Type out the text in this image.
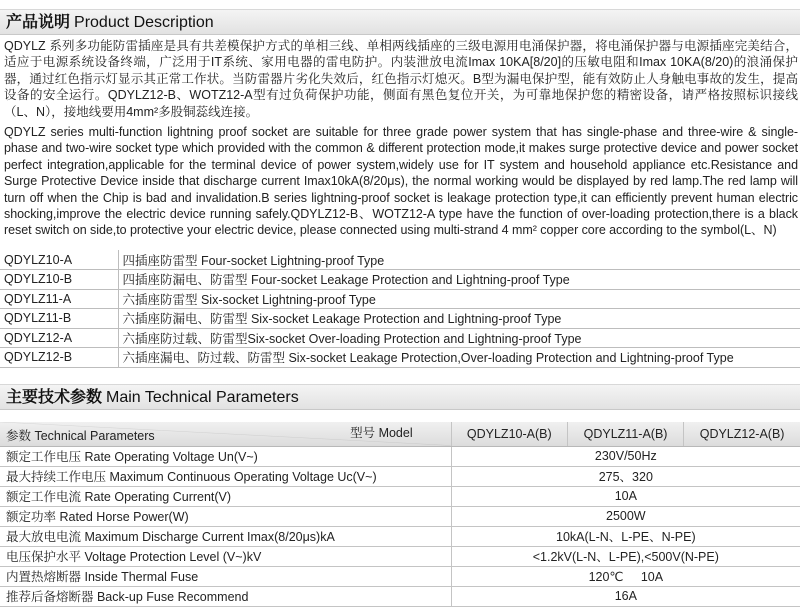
产品说明 Product Description
QDYLZ 系列多功能防雷插座是具有共差模保护方式的单相三线、单相两线插座的三级电源用电涌保护器，将电涌保护器与电源插座完美结合，适应于电源系统设备终端，广泛用于IT系统、家用电器的雷电防护。内装泄放电流Imax 10KA[8/20]的压敏电阻和Imax 10KA(8/20)的浪涌保护器，通过红色指示灯显示其正常工作状。当防雷器片劣化失效后，红色指示灯熄灭。B型为漏电保护型，能有效防止人身触电事故的发生，提高设备的安全运行。QDYLZ12-B、WOTZ12-A型有过负荷保护功能，侧面有黑色复位开关，为可靠地保护您的精密设备，请严格按照标识接线（L、N），接地线要用4mm²多股铜蕊线连接。
QDYLZ series multi-function lightning proof socket are suitable for three grade power system that has single-phase and three-wire & single-phase and two-wire socket type which provided with the common & different protection mode,it makes surge protective device and power socket perfect integration,applicable for the terminal device of power system,widely use for IT system and household appliance etc.Resistance and Surge Protective Device inside that discharge current Imax10kA(8/20μs), the normal working would be displayed by red lamp.The red lamp will turn off when the Chip is bad and invalidation.B series lightning-proof socket is leakage protection type,it can efficiently prevent human electric shocking,improve the electric device running safely.QDYLZ12-B、WOTZ12-A type have the function of over-loading protection,there is a black reset switch on side,to protective your electric device, please connected using multi-strand 4 mm² copper core according to the symbol(L、N)
QDYLZ10-A	四插座防雷型 Four-socket Lightning-proof Type
QDYLZ10-B	四插座防漏电、防雷型 Four-socket Leakage Protection and Lightning-proof Type
QDYLZ11-A	六插座防雷型 Six-socket Lightning-proof Type
QDYLZ11-B	六插座防漏电、防雷型 Six-socket Leakage Protection and Lightning-proof Type
QDYLZ12-A	六插座防过载、防雷型Six-socket Over-loading Protection and Lightning-proof Type
QDYLZ12-B	六插座漏电、防过载、防雷型 Six-socket Leakage Protection,Over-loading Protection and Lightning-proof Type
主要技术参数 Main Technical Parameters
参数 Technical Parameters 型号 Model	QDYLZ10-A(B)	QDYLZ11-A(B)	QDYLZ12-A(B)
额定工作电压 Rate Operating Voltage Un(V~)	230V/50Hz		
最大持续工作电压 Maximum Continuous Operating Voltage Uc(V~)	275、320		
额定工作电流 Rate Operating Current(V)	10A		
额定功率 Rated Horse Power(W)	2500W		
最大放电电流 Maximum Discharge Current Imax(8/20μs)kA	10kA(L-N、L-PE、N-PE)		
电压保护水平 Voltage Protection Level (V~)kV	<1.2kV(L-N、L-PE),<500V(N-PE)		
内置热熔断器 Inside Thermal Fuse	120℃     10A		
推荐后备熔断器 Back-up Fuse Recommend	16A		
